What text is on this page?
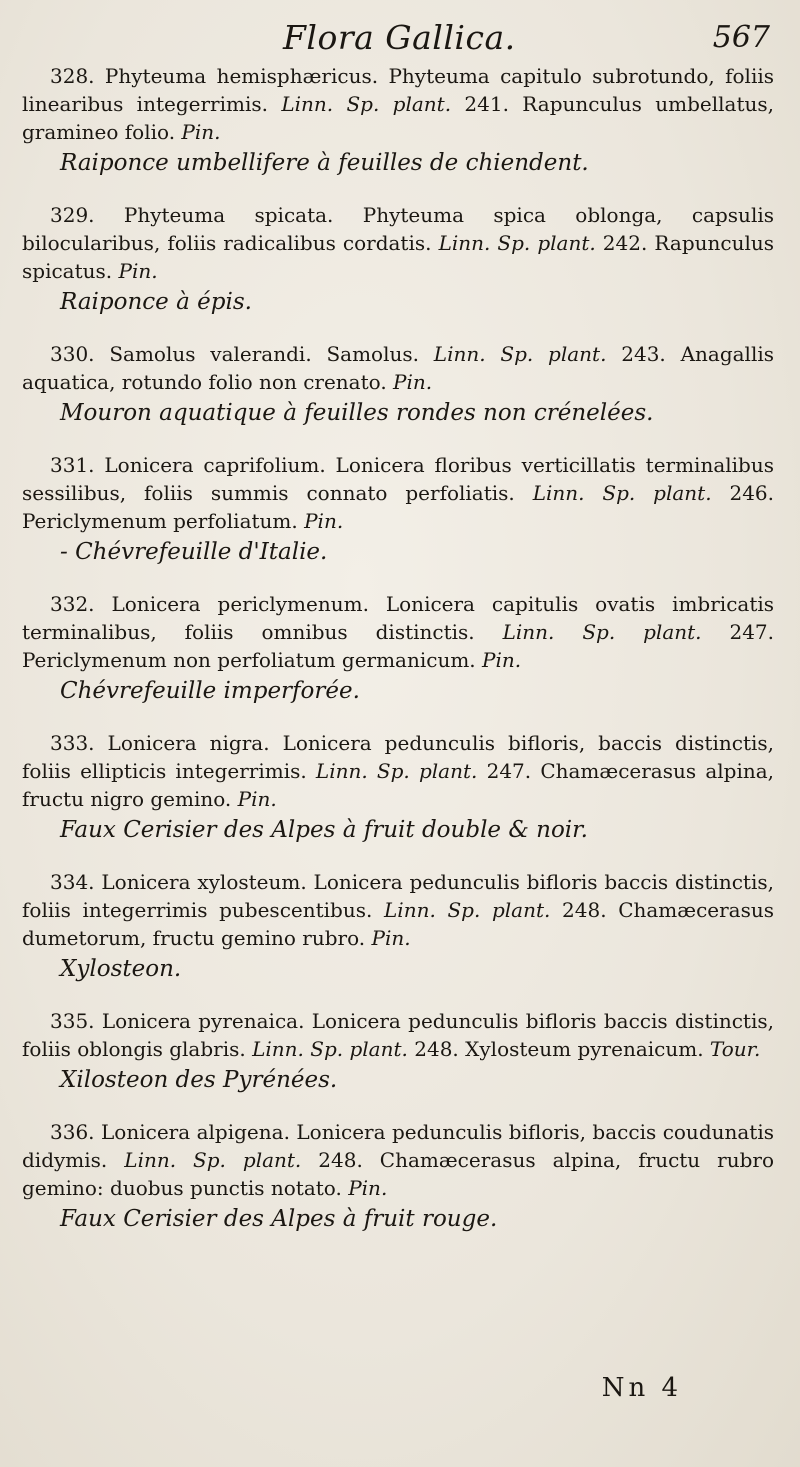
Flora Gallica.	567
328. Phyteuma hemisphæricus. Phyteuma capitulo subrotundo, foliis linearibus integerrimis. Linn. Sp. plant. 241. Rapunculus umbellatus, gramineo folio. Pin.
Raiponce umbellifere à feuilles de chiendent.
329. Phyteuma spicata. Phyteuma spica oblonga, capsulis bilocularibus, foliis radicalibus cordatis. Linn. Sp. plant. 242. Rapunculus spicatus. Pin.
Raiponce à épis.
330. Samolus valerandi. Samolus. Linn. Sp. plant. 243. Anagallis aquatica, rotundo folio non crenato. Pin.
Mouron aquatique à feuilles rondes non crénelées.
331. Lonicera caprifolium. Lonicera floribus verticillatis terminalibus sessilibus, foliis summis connato perfoliatis. Linn. Sp. plant. 246. Periclymenum perfoliatum. Pin.
- Chévrefeuille d'Italie.
332. Lonicera periclymenum. Lonicera capitulis ovatis imbricatis terminalibus, foliis omnibus distinctis. Linn. Sp. plant. 247. Periclymenum non perfoliatum germanicum. Pin.
Chévrefeuille imperforée.
333. Lonicera nigra. Lonicera pedunculis bifloris, baccis distinctis, foliis ellipticis integerrimis. Linn. Sp. plant. 247. Chamæcerasus alpina, fructu nigro gemino. Pin.
Faux Cerisier des Alpes à fruit double & noir.
334. Lonicera xylosteum. Lonicera pedunculis bifloris baccis distinctis, foliis integerrimis pubescentibus. Linn. Sp. plant. 248. Chamæcerasus dumetorum, fructu gemino rubro. Pin.
Xylosteon.
335. Lonicera pyrenaica. Lonicera pedunculis bifloris baccis distinctis, foliis oblongis glabris. Linn. Sp. plant. 248. Xylosteum pyrenaicum. Tour.
Xilosteon des Pyrénées.
336. Lonicera alpigena. Lonicera pedunculis bifloris, baccis coudunatis didymis. Linn. Sp. plant. 248. Chamæcerasus alpina, fructu rubro gemino: duobus punctis notato. Pin.
Faux Cerisier des Alpes à fruit rouge.
Nn 4
